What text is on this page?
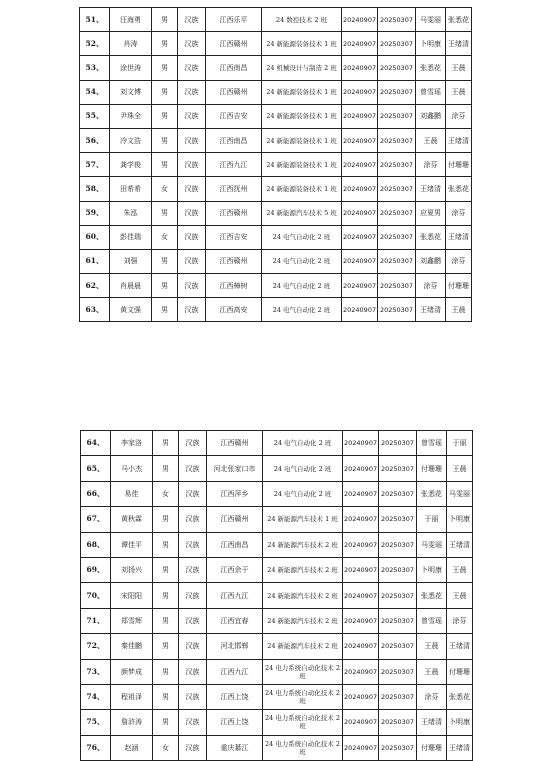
51、	汪海勇	男	汉族	江西乐平	24 数控技术 2 班	20240907	20250307	马雯丽	张悉花
52、	肖涛	男	汉族	江西赣州	24 新能源装备技术 1 班	20240907	20250307	卜明康	王绪清
53、	涂世涛	男	汉族	江西南昌	24 机械设计与制造 2 班	20240907	20250307	张悉花	王晨
54、	刘文博	男	汉族	江西赣州	24 新能源装备技术 1 班	20240907	20250307	曾雪瑶	王晨
55、	尹珠全	男	汉族	江西吉安	24 新能源装备技术 1 班	20240907	20250307	刘鑫鹏	涂芬
56、	冷文浩	男	汉族	江西南昌	24 新能源装备技术 1 班	20240907	20250307	王晨	王绪清
57、	龚学俊	男	汉族	江西九江	24 新能源装备技术 1 班	20240907	20250307	涂芬	付珊珊
58、	田希希	女	汉族	江西抚州	24 新能源装备技术 1 班	20240907	20250307	王绪清	张悉花
59、	朱泓	男	汉族	江西赣州	24 新能源汽车技术 5 班	20240907	20250307	应夏男	涂芬
60、	彭佳瑞	女	汉族	江西吉安	24 电气自动化 2 班	20240907	20250307	张悉花	王绪清
61、	刘强	男	汉族	江西赣州	24 电气自动化 2 班	20240907	20250307	刘鑫鹏	涂芬
62、	肖晨晨	男	汉族	江西樟树	24 电气自动化 2 班	20240907	20250307	涂芬	付珊珊
63、	黄文强	男	汉族	江西高安	24 电气自动化 2 班	20240907	20250307	王绪清	王晨
64、	李家洛	男	汉族	江西赣州	24 电气自动化 2 班	20240907	20250307	曾雪瑶	于丽
65、	马小杰	男	汉族	河北张家口市	24 电气自动化 2 班	20240907	20250307	付珊珊	王晨
66、	易佳	女	汉族	江西萍乡	24 电气自动化 2 班	20240907	20250307	张悉花	马雯丽
67、	黄秋霖	男	汉族	江西赣州	24 新能源汽车技术 1 班	20240907	20250307	于丽	卜明康
68、	谭佳平	男	汉族	江西南昌	24 新能源汽车技术 2 班	20240907	20250307	马雯丽	王绪清
69、	刘扬兴	男	汉族	江西余干	24 新能源汽车技术 2 班	20240907	20250307	卜明康	王晨
70、	宋阳阳	男	汉族	江西九江	24 新能源汽车技术 2 班	20240907	20250307	张悉花	王晨
71、	郑雪辉	男	汉族	江西宜春	24 新能源汽车技术 2 班	20240907	20250307	曾雪瑶	涂芬
72、	秦佳鹏	男	汉族	河北邯郸	24 新能源汽车技术 2 班	20240907	20250307	王晨	王绪清
73、	颜梦成	男	汉族	江西九江	24 电力系统自动化技术 2 班	20240907	20250307	王晨	付珊珊
74、	程祖泽	男	汉族	江西上饶	24 电力系统自动化技术 2 班	20240907	20250307	涂芬	张悉花
75、	詹浒涛	男	汉族	江西上饶	24 电力系统自动化技术 2 班	20240907	20250307	王绪清	卜明康
76、	赵涵	女	汉族	重庆綦江	24 电力系统自动化技术 2 班	20240907	20250307	付珊珊	王绪清
